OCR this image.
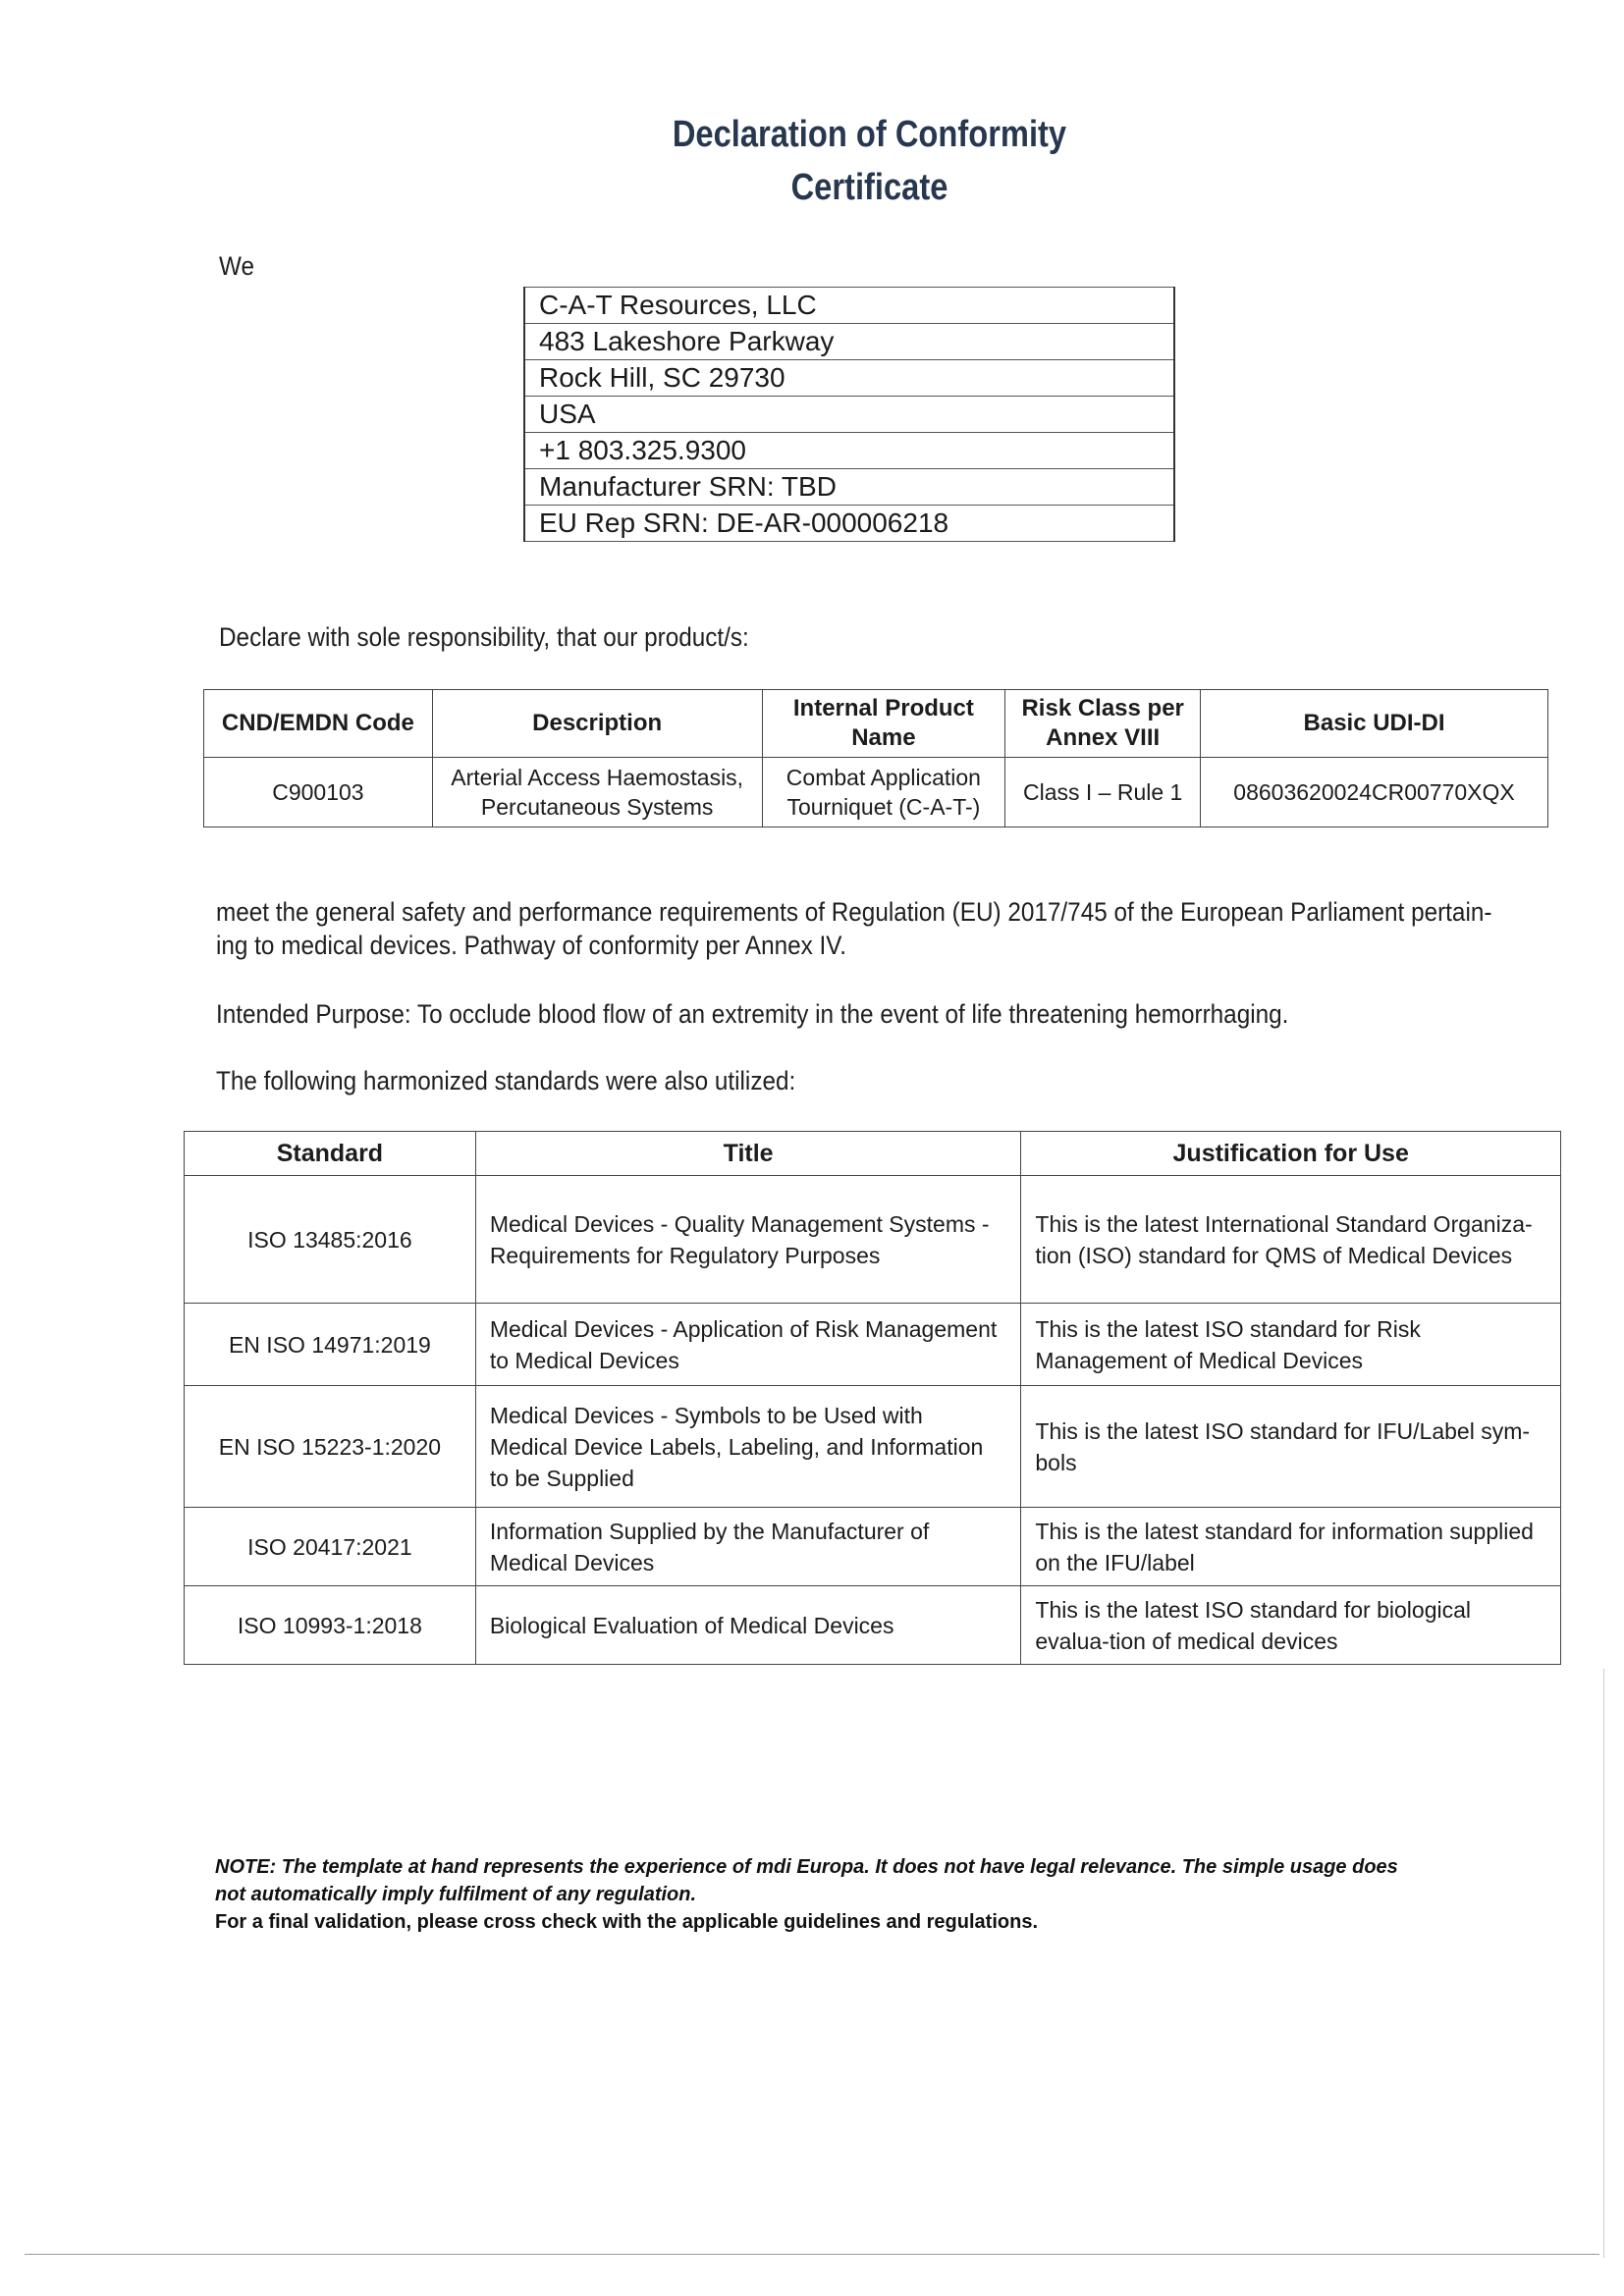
Declaration of Conformity
Certificate
We
C-A-T Resources, LLC
483 Lakeshore Parkway
Rock Hill, SC 29730
USA
+1 803.325.9300
Manufacturer SRN: TBD
EU Rep SRN: DE-AR-000006218
Declare with sole responsibility, that our product/s:
CND/EMDN Code	Description	Internal Product Name	Risk Class per Annex VIII	Basic UDI-DI
C900103	Arterial Access Haemostasis, Percutaneous Systems	Combat Application Tourniquet (C-A-T-)	Class I – Rule 1	08603620024CR00770XQX
meet the general safety and performance requirements of Regulation (EU) 2017/745 of the European Parliament pertain-
ing to medical devices. Pathway of conformity per Annex IV.
Intended Purpose: To occlude blood flow of an extremity in the event of life threatening hemorrhaging.
The following harmonized standards were also utilized:
Standard	Title	Justification for Use
ISO 13485:2016	Medical Devices - Quality Management Systems - Requirements for Regulatory Purposes	This is the latest International Standard Organiza-tion (ISO) standard for QMS of Medical Devices
EN ISO 14971:2019	Medical Devices - Application of Risk Management to Medical Devices	This is the latest ISO standard for Risk Management of Medical Devices
EN ISO 15223-1:2020	Medical Devices - Symbols to be Used with Medical Device Labels, Labeling, and Information to be Supplied	This is the latest ISO standard for IFU/Label sym-bols
ISO 20417:2021	Information Supplied by the Manufacturer of Medical Devices	This is the latest standard for information supplied on the IFU/label
ISO 10993-1:2018	Biological Evaluation of Medical Devices	This is the latest ISO standard for biological evalua-tion of medical devices
NOTE: The template at hand represents the experience of mdi Europa. It does not have legal relevance. The simple usage does
not automatically imply fulfilment of any regulation.
For a final validation, please cross check with the applicable guidelines and regulations.
